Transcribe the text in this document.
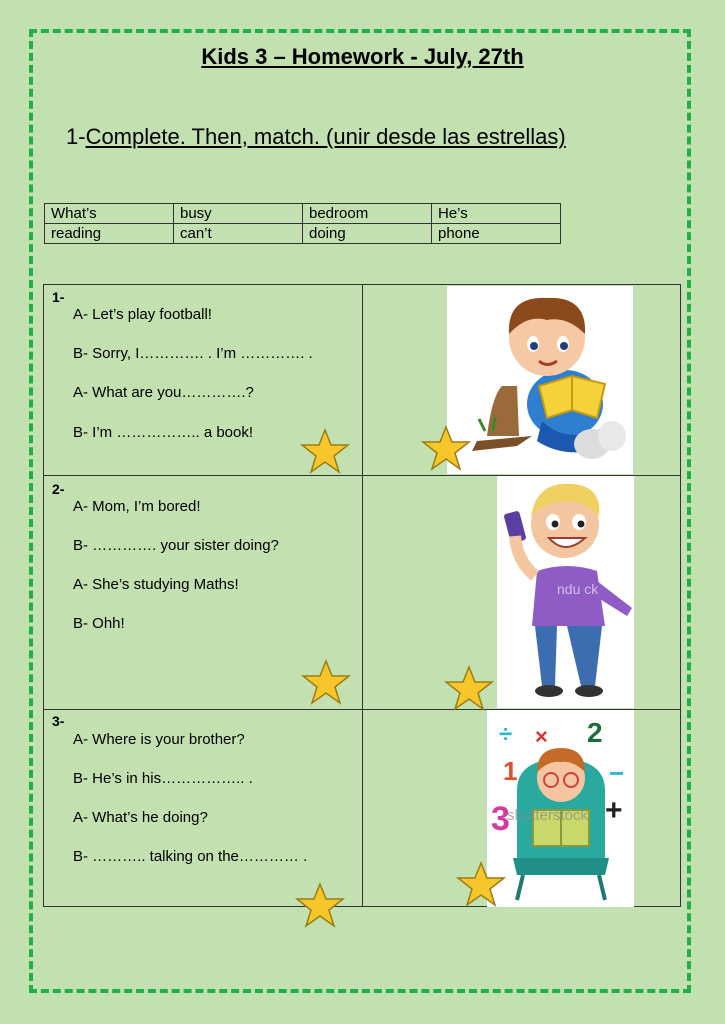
Kids 3 – Homework - July, 27th
1-Complete. Then, match. (unir desde las estrellas)
What’s	busy	bedroom	He’s
reading	can’t	doing	phone
1-
A- Let’s play football!
B- Sorry, I…………. . I’m …………. .
A- What are you………….?
B- I’m …………….. a book!
2-
A- Mom, I’m bored!
B- …………. your sister doing?
A- She’s studying Maths!
B- Ohh!
3-
A- Where is your brother?
B- He’s in his…………….. .
A- What’s he doing?
B- ……….. talking on the………… .
ndu ck
÷ × 2
1	−
3	+
shutterstock
